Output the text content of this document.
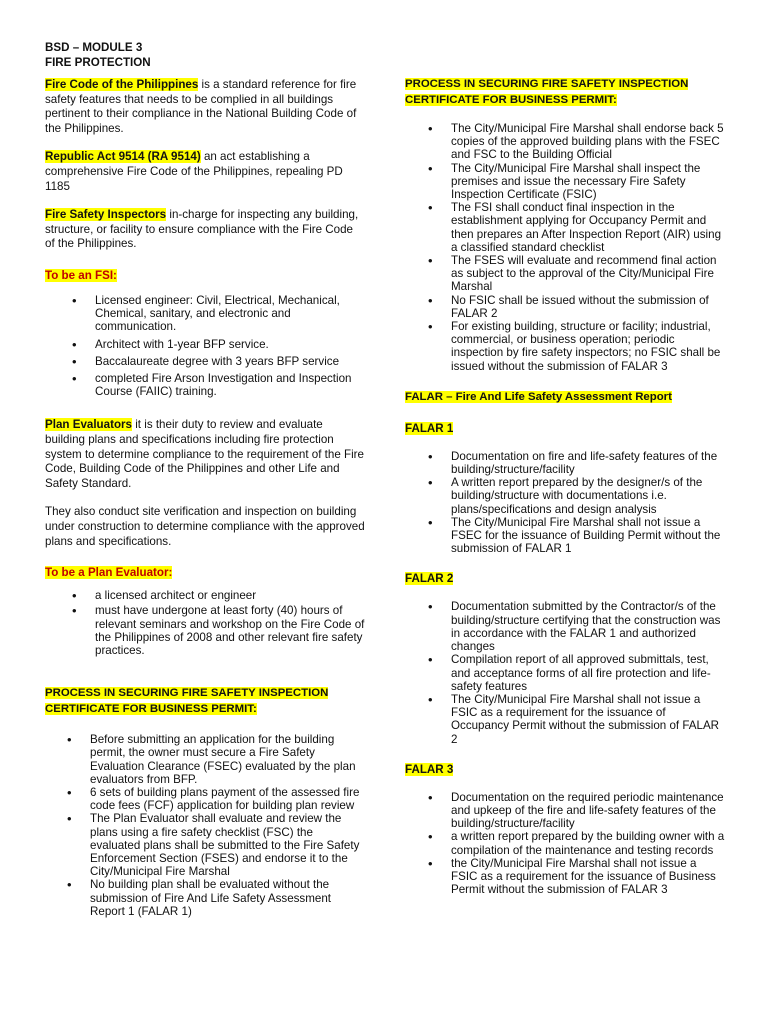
BSD – MODULE 3
FIRE PROTECTION

Fire Code of the Philippines is a standard reference for fire safety features that needs to be complied in all buildings pertinent to their compliance in the National Building Code of the Philippines.

Republic Act 9514 (RA 9514) an act establishing a comprehensive Fire Code of the Philippines, repealing PD 1185

Fire Safety Inspectors in-charge for inspecting any building, structure, or facility to ensure compliance with the Fire Code of the Philippines.

To be an FSI:
• Licensed engineer: Civil, Electrical, Mechanical, Chemical, sanitary, and electronic and communication.
• Architect with 1-year BFP service.
• Baccalaureate degree with 3 years BFP service
• completed Fire Arson Investigation and Inspection Course (FAIIC) training.

Plan Evaluators it is their duty to review and evaluate building plans and specifications including fire protection system to determine compliance to the requirement of the Fire Code, Building Code of the Philippines and other Life and Safety Standard.

They also conduct site verification and inspection on building under construction to determine compliance with the approved plans and specifications.

To be a Plan Evaluator:
• a licensed architect or engineer
• must have undergone at least forty (40) hours of relevant seminars and workshop on the Fire Code of the Philippines of 2008 and other relevant fire safety practices.
PROCESS IN SECURING FIRE SAFETY INSPECTION
CERTIFICATE FOR BUSINESS PERMIT:
• Before submitting an application for the building permit, the owner must secure a Fire Safety Evaluation Clearance (FSEC) evaluated by the plan evaluators from BFP.
• 6 sets of building plans payment of the assessed fire code fees (FCF) application for building plan review
• The Plan Evaluator shall evaluate and review the plans using a fire safety checklist (FSC) the evaluated plans shall be submitted to the Fire Safety Enforcement Section (FSES) and endorse it to the City/Municipal Fire Marshal
• No building plan shall be evaluated without the submission of Fire And Life Safety Assessment Report 1 (FALAR 1)
PROCESS IN SECURING FIRE SAFETY INSPECTION
CERTIFICATE FOR BUSINESS PERMIT:
• The City/Municipal Fire Marshal shall endorse back 5 copies of the approved building plans with the FSEC and FSC to the Building Official
• The City/Municipal Fire Marshal shall inspect the premises and issue the necessary Fire Safety Inspection Certificate (FSIC)
• The FSI shall conduct final inspection in the establishment applying for Occupancy Permit and then prepares an After Inspection Report (AIR) using a classified standard checklist
• The FSES will evaluate and recommend final action as subject to the approval of the City/Municipal Fire Marshal
• No FSIC shall be issued without the submission of FALAR 2
• For existing building, structure or facility; industrial, commercial, or business operation; periodic inspection by fire safety inspectors; no FSIC shall be issued without the submission of FALAR 3
FALAR – Fire And Life Safety Assessment Report
FALAR 1
• Documentation on fire and life-safety features of the building/structure/facility
• A written report prepared by the designer/s of the building/structure with documentations i.e. plans/specifications and design analysis
• The City/Municipal Fire Marshal shall not issue a FSEC for the issuance of Building Permit without the submission of FALAR 1
FALAR 2
• Documentation submitted by the Contractor/s of the building/structure certifying that the construction was in accordance with the FALAR 1 and authorized changes
• Compilation report of all approved submittals, test, and acceptance forms of all fire protection and life-safety features
• The City/Municipal Fire Marshal shall not issue a FSIC as a requirement for the issuance of Occupancy Permit without the submission of FALAR 2
FALAR 3
• Documentation on the required periodic maintenance and upkeep of the fire and life-safety features of the building/structure/facility
• a written report prepared by the building owner with a compilation of the maintenance and testing records
• the City/Municipal Fire Marshal shall not issue a FSIC as a requirement for the issuance of Business Permit without the submission of FALAR 3
